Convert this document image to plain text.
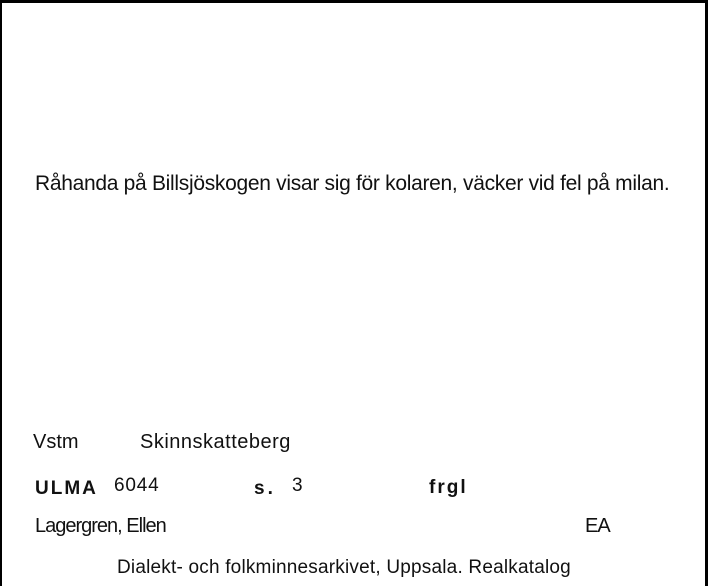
Råhanda på Billsjöskogen visar sig för kolaren, väcker vid fel på milan.
Vstm	Skinnskatteberg
ULMA 6044	s. 3	frgl
Lagergren, Ellen	EA
Dialekt- och folkminnesarkivet, Uppsala. Realkatalog
